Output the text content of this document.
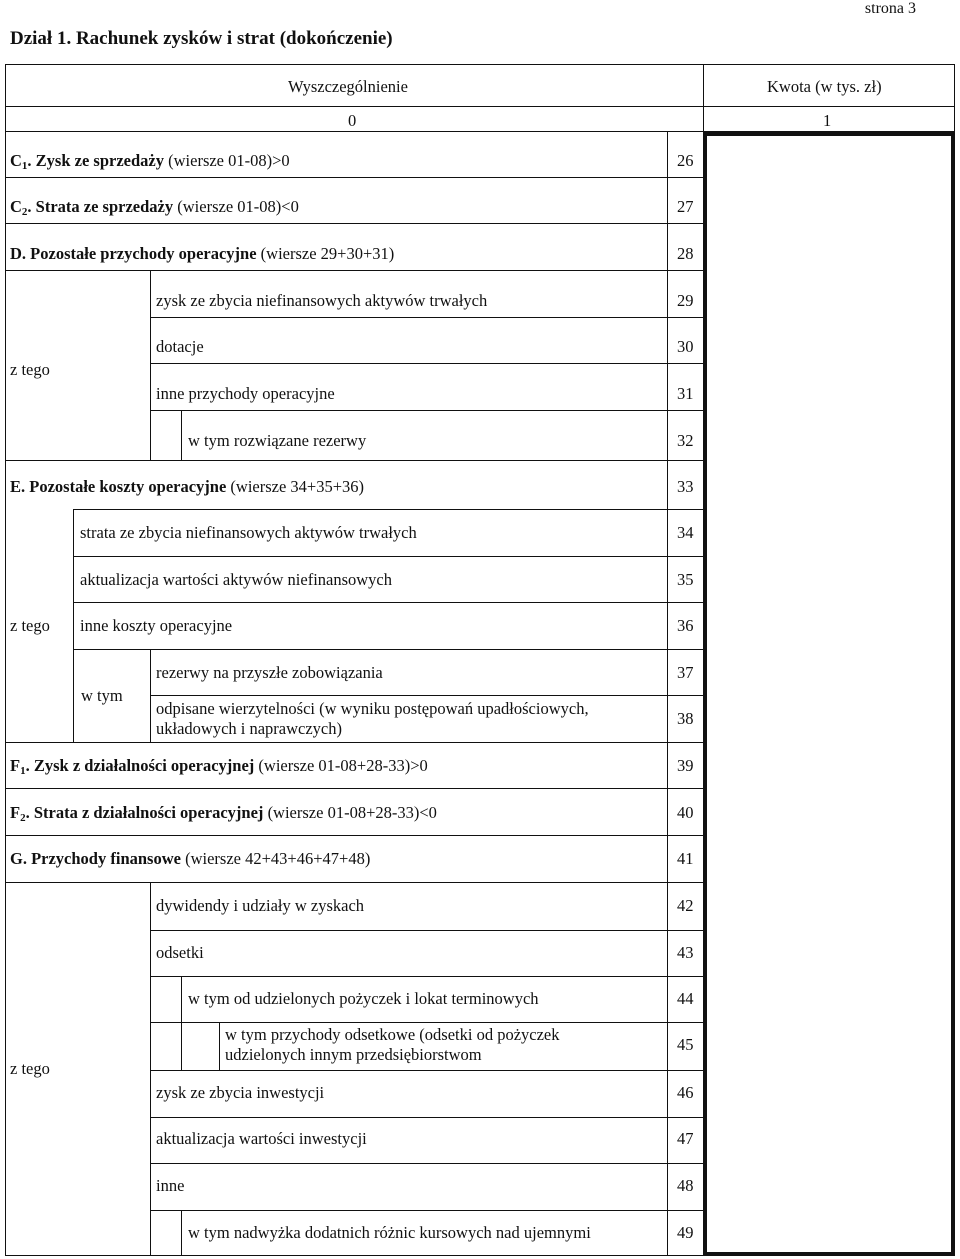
strona 3
Dział 1. Rachunek zysków i strat (dokończenie)
Wyszczególnienie	Kwota (w tys. zł)
0	1
$C_1$. Zysk ze sprzedaży (wiersze 01-08)>0	26
$C_2$. Strata ze sprzedaży (wiersze 01-08)<0	27
D. Pozostałe przychody operacyjne (wiersze 29+30+31)	28
z tego
zysk ze zbycia niefinansowych aktywów trwałych	29
dotacje	30
inne przychody operacyjne	31
w tym rozwiązane rezerwy	32
E. Pozostałe koszty operacyjne (wiersze 34+35+36)	33
z tego
strata ze zbycia niefinansowych aktywów trwałych	34
aktualizacja wartości aktywów niefinansowych	35
inne koszty operacyjne	36
w tym
rezerwy na przyszłe zobowiązania	37
odpisane wierzytelności (w wyniku postępowań upadłościowych, układowych i naprawczych)
38
$F_1$. Zysk z działalności operacyjnej (wiersze 01-08+28-33)>0	39
$F_2$. Strata z działalności operacyjnej (wiersze 01-08+28-33)<0	40
G. Przychody finansowe (wiersze 42+43+46+47+48)	41
z tego
dywidendy i udziały w zyskach	42
odsetki	43
w tym od udzielonych pożyczek i lokat terminowych	44
w tym przychody odsetkowe (odsetki od pożyczek udzielonych innym przedsiębiorstwom
45
zysk ze zbycia inwestycji	46
aktualizacja wartości inwestycji	47
inne	48
w tym nadwyżka dodatnich różnic kursowych nad ujemnymi	49
